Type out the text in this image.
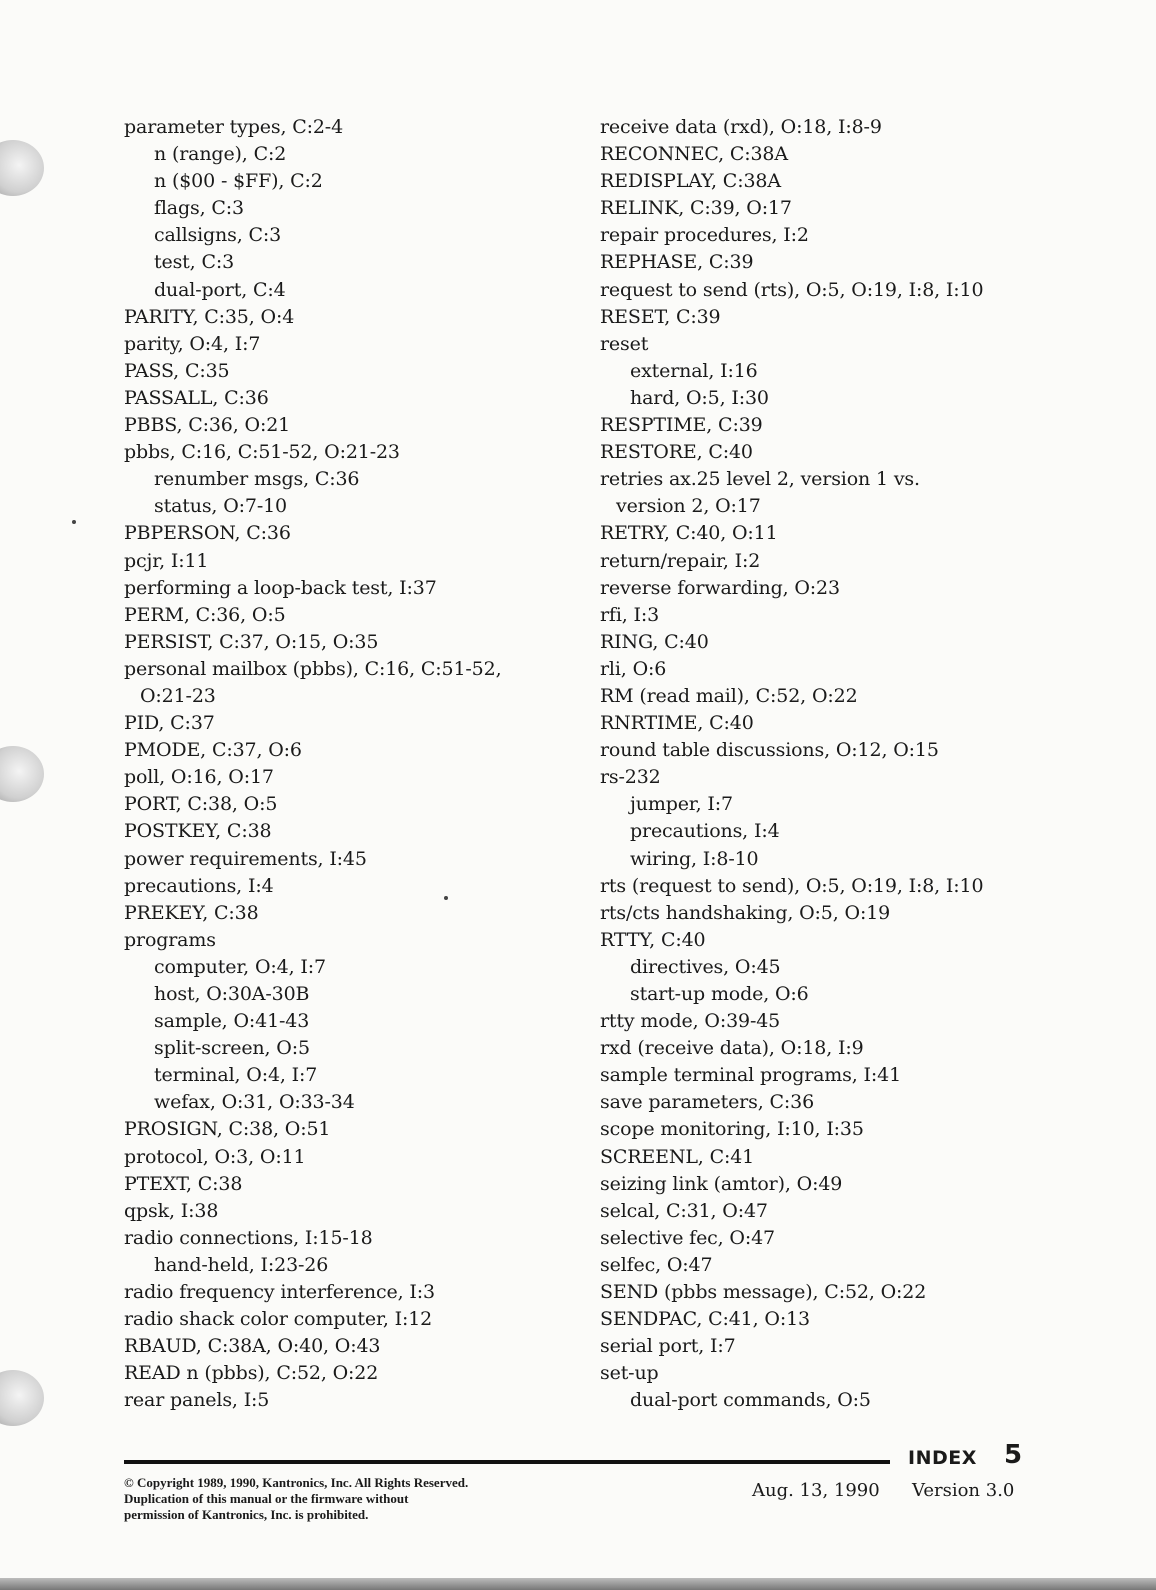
parameter types, C:2-4
n (range), C:2
n ($00 - $FF), C:2
flags, C:3
callsigns, C:3
test, C:3
dual-port, C:4
PARITY, C:35, O:4
parity, O:4, I:7
PASS, C:35
PASSALL, C:36
PBBS, C:36, O:21
pbbs, C:16, C:51-52, O:21-23
renumber msgs, C:36
status, O:7-10
PBPERSON, C:36
pcjr, I:11
performing a loop-back test, I:37
PERM, C:36, O:5
PERSIST, C:37, O:15, O:35
personal mailbox (pbbs), C:16, C:51-52,
O:21-23
PID, C:37
PMODE, C:37, O:6
poll, O:16, O:17
PORT, C:38, O:5
POSTKEY, C:38
power requirements, I:45
precautions, I:4
PREKEY, C:38
programs
computer, O:4, I:7
host, O:30A-30B
sample, O:41-43
split-screen, O:5
terminal, O:4, I:7
wefax, O:31, O:33-34
PROSIGN, C:38, O:51
protocol, O:3, O:11
PTEXT, C:38
qpsk, I:38
radio connections, I:15-18
hand-held, I:23-26
radio frequency interference, I:3
radio shack color computer, I:12
RBAUD, C:38A, O:40, O:43
READ n (pbbs), C:52, O:22
rear panels, I:5
receive data (rxd), O:18, I:8-9
RECONNEC, C:38A
REDISPLAY, C:38A
RELINK, C:39, O:17
repair procedures, I:2
REPHASE, C:39
request to send (rts), O:5, O:19, I:8, I:10
RESET, C:39
reset
external, I:16
hard, O:5, I:30
RESPTIME, C:39
RESTORE, C:40
retries ax.25 level 2, version 1 vs.
version 2, O:17
RETRY, C:40, O:11
return/repair, I:2
reverse forwarding, O:23
rfi, I:3
RING, C:40
rli, O:6
RM (read mail), C:52, O:22
RNRTIME, C:40
round table discussions, O:12, O:15
rs-232
jumper, I:7
precautions, I:4
wiring, I:8-10
rts (request to send), O:5, O:19, I:8, I:10
rts/cts handshaking, O:5, O:19
RTTY, C:40
directives, O:45
start-up mode, O:6
rtty mode, O:39-45
rxd (receive data), O:18, I:9
sample terminal programs, I:41
save parameters, C:36
scope monitoring, I:10, I:35
SCREENL, C:41
seizing link (amtor), O:49
selcal, C:31, O:47
selective fec, O:47
selfec, O:47
SEND (pbbs message), C:52, O:22
SENDPAC, C:41, O:13
serial port, I:7
set-up
dual-port commands, O:5
INDEX 5
© Copyright 1989, 1990, Kantronics, Inc. All Rights Reserved.
Duplication of this manual or the firmware without
permission of Kantronics, Inc. is prohibited.
Aug. 13, 1990 Version 3.0
